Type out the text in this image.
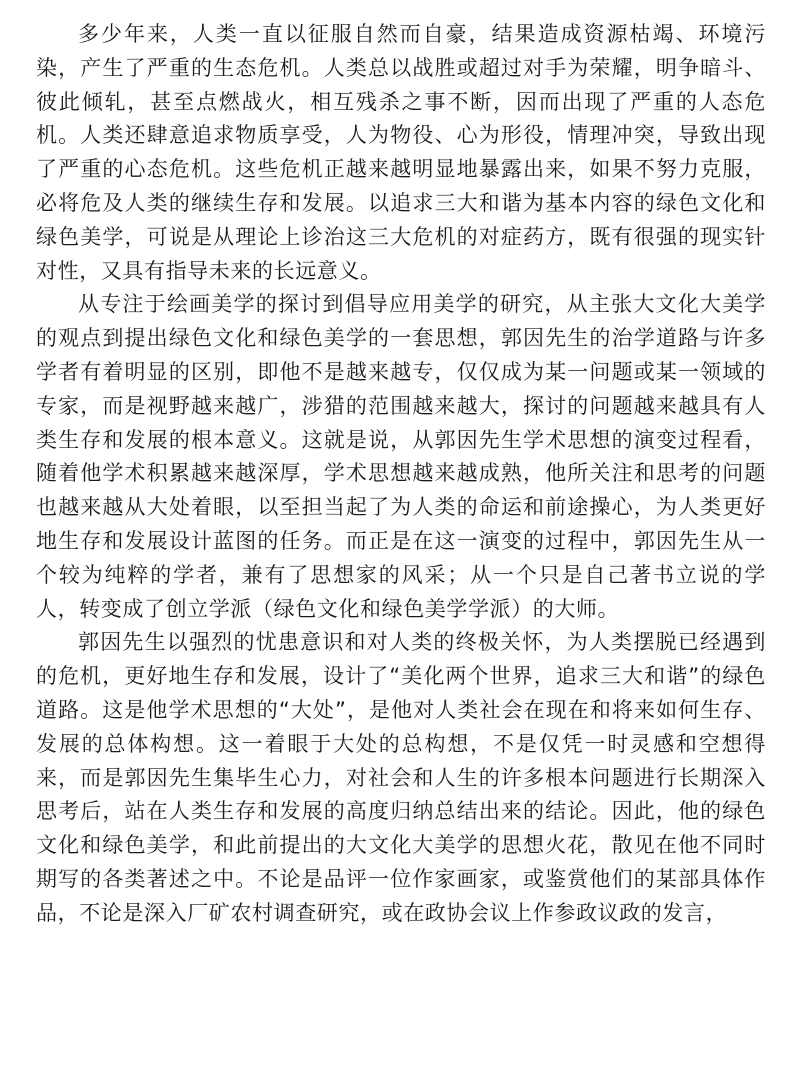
多少年来，人类一直以征服自然而自豪，结果造成资源枯竭、环境污染，产生了严重的生态危机。人类总以战胜或超过对手为荣耀，明争暗斗、彼此倾轧，甚至点燃战火，相互残杀之事不断，因而出现了严重的人态危机。人类还肆意追求物质享受，人为物役、心为形役，情理冲突，导致出现了严重的心态危机。这些危机正越来越明显地暴露出来，如果不努力克服，必将危及人类的继续生存和发展。以追求三大和谐为基本内容的绿色文化和绿色美学，可说是从理论上诊治这三大危机的对症药方，既有很强的现实针对性，又具有指导未来的长远意义。

从专注于绘画美学的探讨到倡导应用美学的研究，从主张大文化大美学的观点到提出绿色文化和绿色美学的一套思想，郭因先生的治学道路与许多学者有着明显的区别，即他不是越来越专，仅仅成为某一问题或某一领域的专家，而是视野越来越广，涉猎的范围越来越大，探讨的问题越来越具有人类生存和发展的根本意义。这就是说，从郭因先生学术思想的演变过程看，随着他学术积累越来越深厚，学术思想越来越成熟，他所关注和思考的问题也越来越从大处着眼，以至担当起了为人类的命运和前途操心，为人类更好地生存和发展设计蓝图的任务。而正是在这一演变的过程中，郭因先生从一个较为纯粹的学者，兼有了思想家的风采；从一个只是自己著书立说的学人，转变成了创立学派（绿色文化和绿色美学学派）的大师。

郭因先生以强烈的忧患意识和对人类的终极关怀，为人类摆脱已经遇到的危机，更好地生存和发展，设计了“美化两个世界，追求三大和谐”的绿色道路。这是他学术思想的“大处”，是他对人类社会在现在和将来如何生存、发展的总体构想。这一着眼于大处的总构想，不是仅凭一时灵感和空想得来，而是郭因先生集毕生心力，对社会和人生的许多根本问题进行长期深入思考后，站在人类生存和发展的高度归纳总结出来的结论。因此，他的绿色文化和绿色美学，和此前提出的大文化大美学的思想火花，散见在他不同时期写的各类著述之中。不论是品评一位作家画家，或鉴赏他们的某部具体作品，不论是深入厂矿农村调查研究，或在政协会议上作参政议政的发言，
